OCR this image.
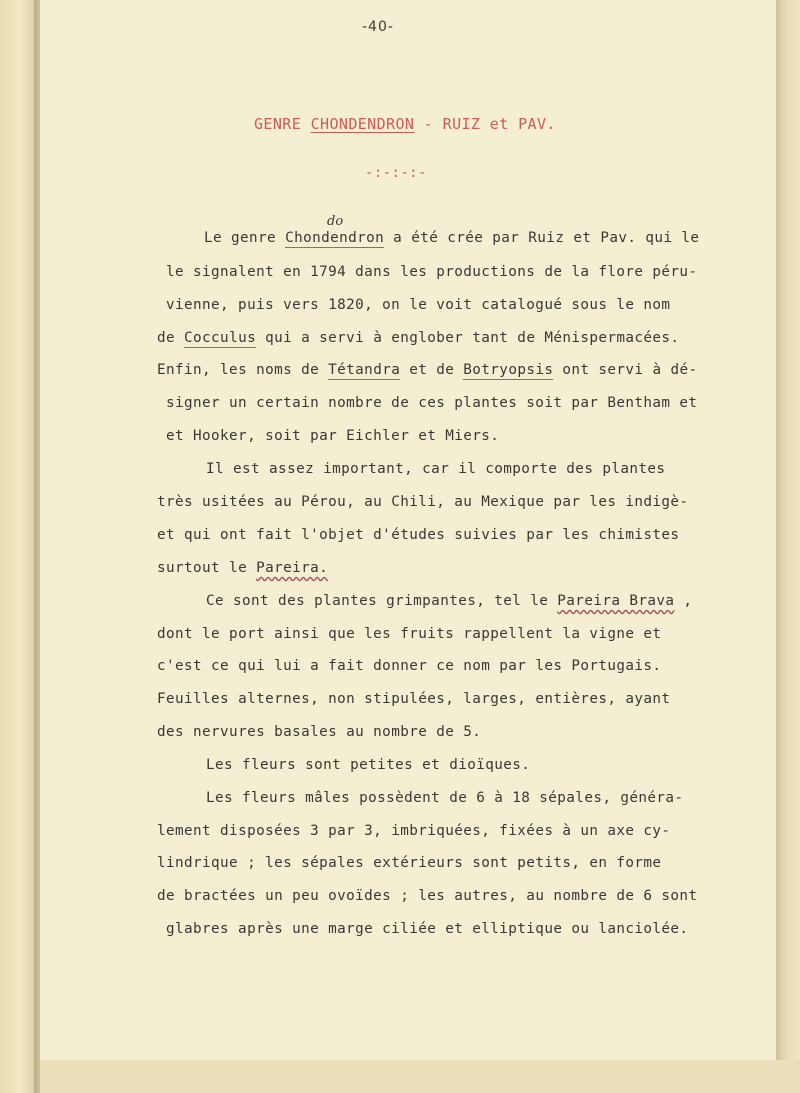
-40-
GENRE CHONDENDRON - RUIZ et PAV.
-:-:-:-
do
Le genre Chondendron a été crée par Ruiz et Pav. qui le
le signalent en 1794 dans les productions de la flore péru-
vienne, puis vers 1820, on le voit catalogué sous le nom
de Cocculus qui a servi à englober tant de Ménispermacées.
Enfin, les noms de Tétandra et de Botryopsis ont servi à dé-
signer un certain nombre de ces plantes soit par Bentham et
et Hooker, soit par Eichler et Miers.
Il est assez important, car il comporte des plantes
très usitées au Pérou, au Chili, au Mexique par les indigè-
et qui ont fait l'objet d'études suivies par les chimistes
surtout le Pareira.
Ce sont des plantes grimpantes, tel le Pareira Brava ,
dont le port ainsi que les fruits rappellent la vigne et
c'est ce qui lui a fait donner ce nom par les Portugais.
Feuilles alternes, non stipulées, larges, entières, ayant
des nervures basales au nombre de 5.
Les fleurs sont petites et dioïques.
Les fleurs mâles possèdent de 6 à 18 sépales, généra-
lement disposées 3 par 3, imbriquées, fixées à un axe cy-
lindrique ; les sépales extérieurs sont petits, en forme
de bractées un peu ovoïdes ; les autres, au nombre de 6 sont
glabres après une marge ciliée et elliptique ou lanciolée.
